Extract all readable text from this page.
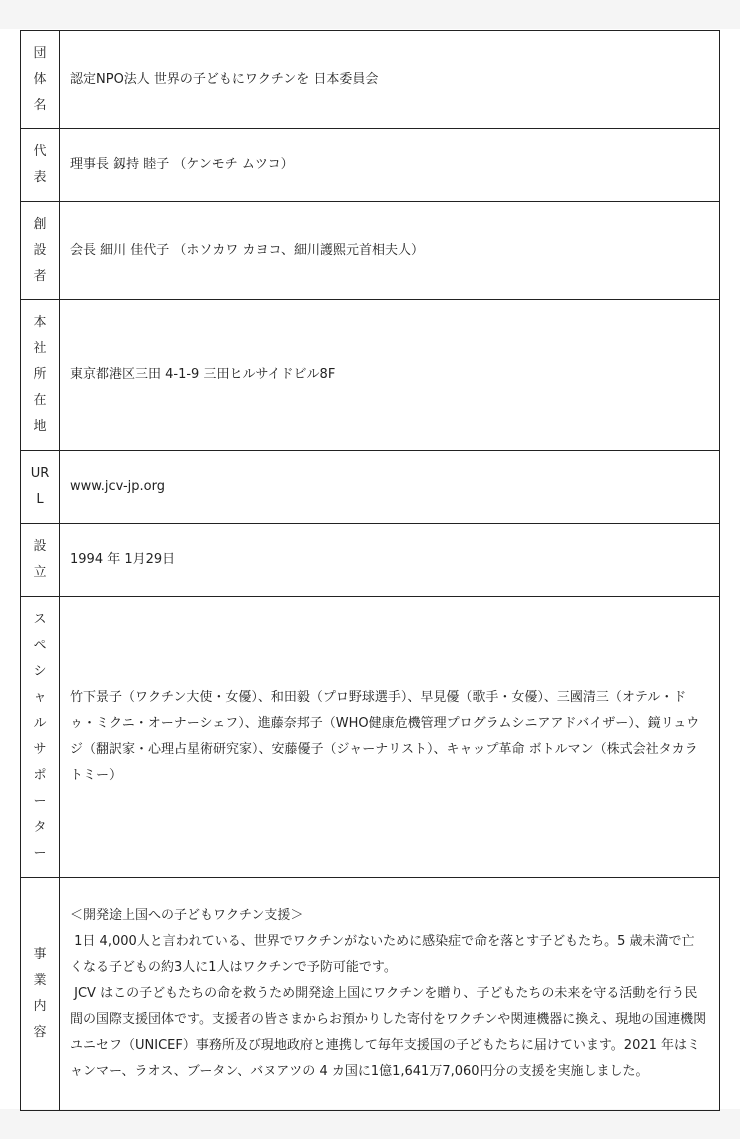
団体名	認定NPO法人 世界の子どもにワクチンを 日本委員会
代表	理事長 釼持 睦子 （ケンモチ ムツコ）
創設者	会長 細川 佳代子 （ホソカワ カヨコ、細川護熙元首相夫人）
本社所在地	東京都港区三田 4-1-9 三田ヒルサイドビル8F
URL	www.jcv-jp.org
設立	1994 年 1月29日
スペシャルサポーター	竹下景子（ワクチン大使・女優）、和田毅（プロ野球選手）、早見優（歌手・女優）、三國清三（オテル・ドゥ・ミクニ・オーナーシェフ）、進藤奈邦子（WHO健康危機管理プログラムシニアアドバイザー）、鏡リュウジ（翻訳家・心理占星術研究家）、安藤優子（ジャーナリスト）、キャップ革命 ボトルマン（株式会社タカラトミー）
事業内容	＜開発途上国への子どもワクチン支援＞
1日 4,000人と言われている、世界でワクチンがないために感染症で命を落とす子どもたち。5 歳未満で亡くなる子どもの約3人に1人はワクチンで予防可能です。
JCV はこの子どもたちの命を救うため開発途上国にワクチンを贈り、子どもたちの未来を守る活動を行う民間の国際支援団体です。支援者の皆さまからお預かりした寄付をワクチンや関連機器に換え、現地の国連機関ユニセフ（UNICEF）事務所及び現地政府と連携して毎年支援国の子どもたちに届けています。2021 年はミャンマー、ラオス、ブータン、バヌアツの 4 カ国に1億1,641万7,060円分の支援を実施しました。
